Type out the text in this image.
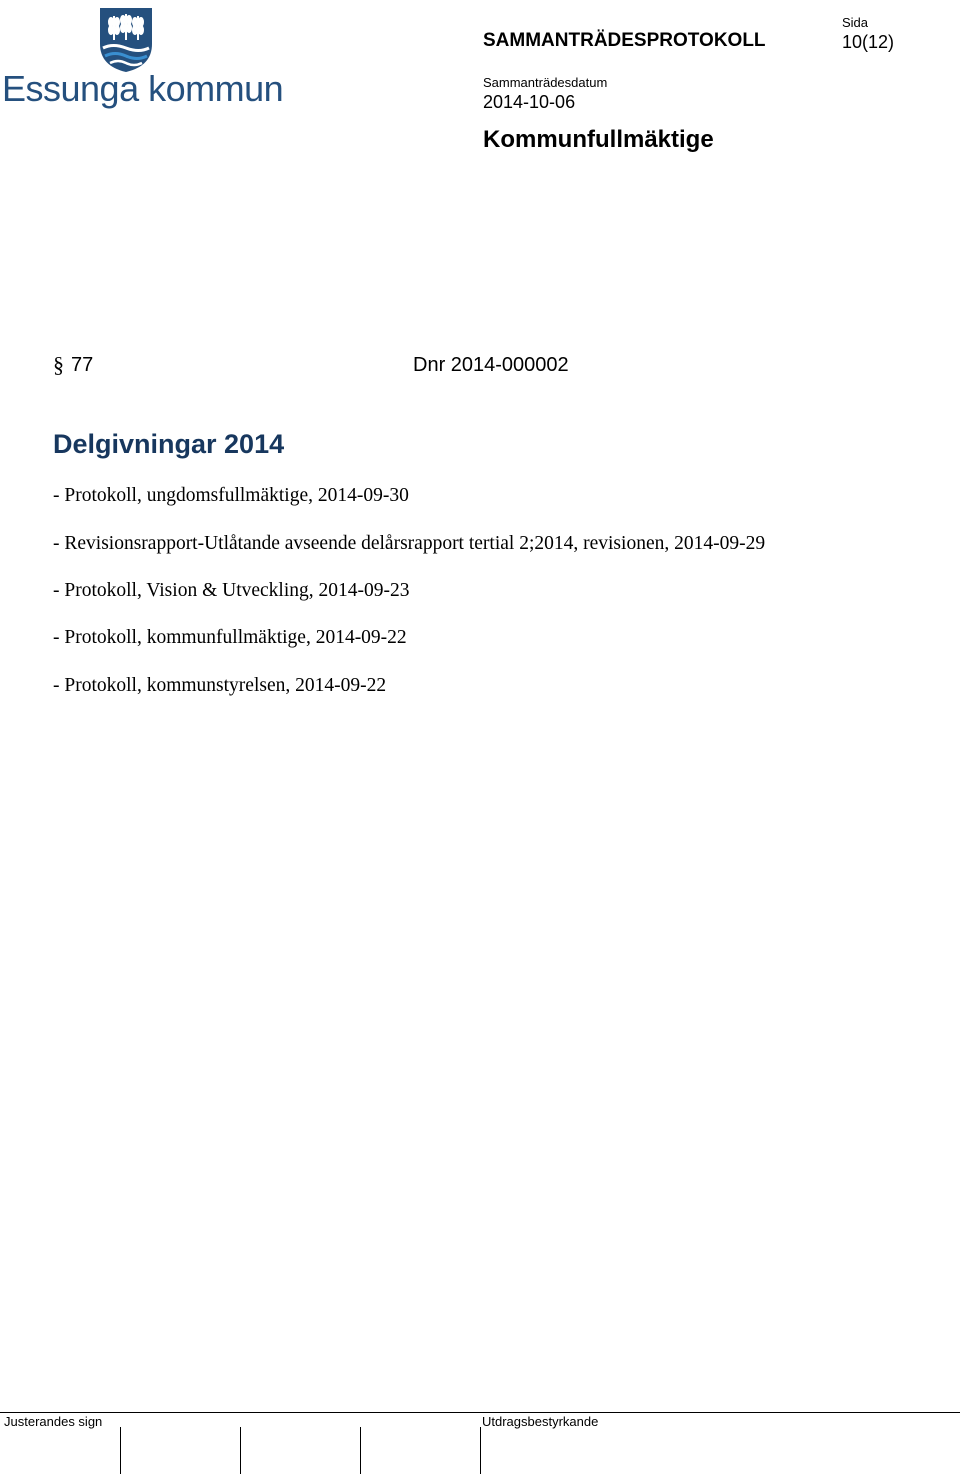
Essunga kommun
SAMMANTRÄDESPROTOKOLL
Sida
10(12)
Sammanträdesdatum
2014-10-06
Kommunfullmäktige
§ 77	Dnr 2014-000002
Delgivningar 2014
- Protokoll, ungdomsfullmäktige, 2014-09-30
- Revisionsrapport-Utlåtande avseende delårsrapport tertial 2;2014, revisionen, 2014-09-29
- Protokoll, Vision & Utveckling, 2014-09-23
- Protokoll, kommunfullmäktige, 2014-09-22
- Protokoll, kommunstyrelsen, 2014-09-22
Justerandes sign	Utdragsbestyrkande
